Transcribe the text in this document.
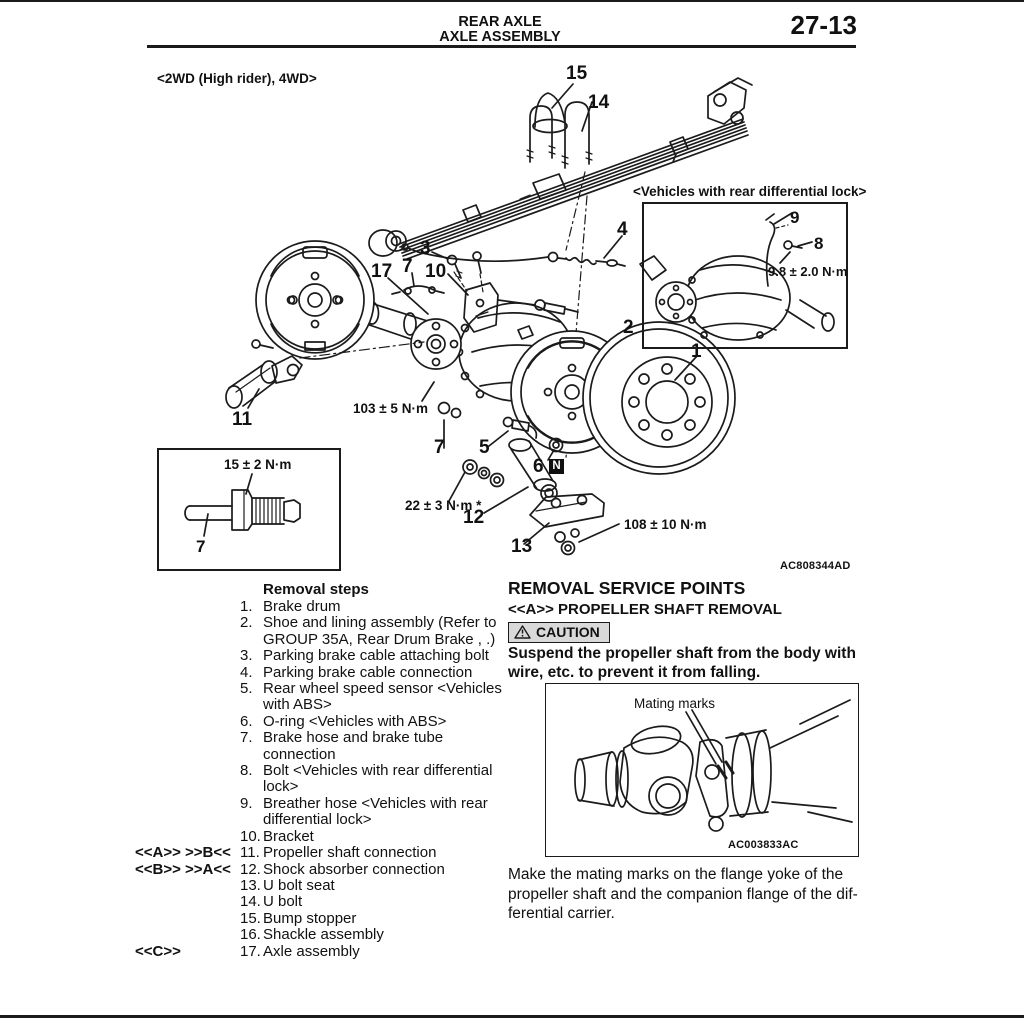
REAR AXLE
AXLE ASSEMBLY	27-13
<2WD (High rider), 4WD>	15
14
3
4
17 7 10
2
1
11
7 5
6 N
12
13
103 ± 5 N·m
22 ± 3 N·m *
108 ± 10 N·m
<Vehicles with rear differential lock>
9
8
9.8 ± 2.0 N·m
15 ± 2 N·m
7
AC808344AD
Removal steps
1. Brake drum
2. Shoe and lining assembly (Refer to
GROUP 35A, Rear Drum Brake , .)
3. Parking brake cable attaching bolt
4. Parking brake cable connection
5. Rear wheel speed sensor <Vehicles
with ABS>
6. O-ring <Vehicles with ABS>
7. Brake hose and brake tube
connection
8. Bolt <Vehicles with rear differential
lock>
9. Breather hose <Vehicles with rear
differential lock>
10. Bracket
<<A>> >>B<< 11. Propeller shaft connection
<<B>> >>A<< 12. Shock absorber connection
13. U bolt seat
14. U bolt
15. Bump stopper
16. Shackle assembly
<<C>>	17. Axle assembly
REMOVAL SERVICE POINTS
<<A>> PROPELLER SHAFT REMOVAL
CAUTION
Suspend the propeller shaft from the body with
wire, etc. to prevent it from falling.
Mating marks
AC003833AC
Make the mating marks on the flange yoke of the
propeller shaft and the companion flange of the dif-
ferential carrier.
